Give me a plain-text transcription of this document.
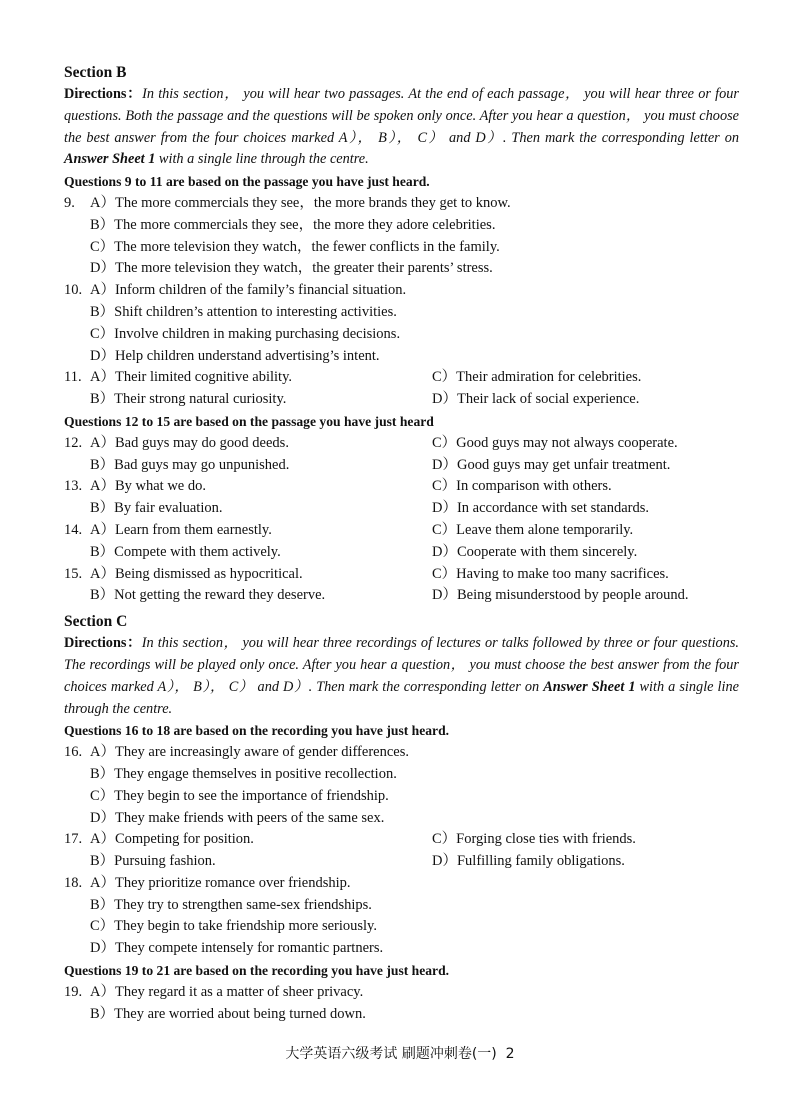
Section B
Directions：In this section， you will hear two passages. At the end of each passage， you will hear three or four questions. Both the passage and the questions will be spoken only once. After you hear a question， you must choose the best answer from the four choices marked A）， B）， C） and D）. Then mark the corresponding letter on Answer Sheet 1 with a single line through the centre.
Questions 9 to 11 are based on the passage you have just heard.
9.	A）The more commercials they see，the more brands they get to know.
B）The more commercials they see，the more they adore celebrities.
C）The more television they watch，the fewer conflicts in the family.
D）The more television they watch，the greater their parents’ stress.
10. A）Inform children of the family’s financial situation.
B）Shift children’s attention to interesting activities.
C）Involve children in making purchasing decisions.
D）Help children understand advertising’s intent.
11. A）Their limited cognitive ability.	C）Their admiration for celebrities.
B）Their strong natural curiosity.	D）Their lack of social experience.
Questions 12 to 15 are based on the passage you have just heard
12. A）Bad guys may do good deeds.	C）Good guys may not always cooperate.
B）Bad guys may go unpunished.	D）Good guys may get unfair treatment.
13. A）By what we do.	C）In comparison with others.
B）By fair evaluation.	D）In accordance with set standards.
14. A）Learn from them earnestly.	C）Leave them alone temporarily.
B）Compete with them actively.	D）Cooperate with them sincerely.
15. A）Being dismissed as hypocritical.	C）Having to make too many sacrifices.
B）Not getting the reward they deserve.	D）Being misunderstood by people around.
Section C
Directions：In this section， you will hear three recordings of lectures or talks followed by three or four questions. The recordings will be played only once. After you hear a question， you must choose the best answer from the four choices marked A）， B）， C） and D）. Then mark the corresponding letter on Answer Sheet 1 with a single line through the centre.
Questions 16 to 18 are based on the recording you have just heard.
16. A）They are increasingly aware of gender differences.
B）They engage themselves in positive recollection.
C）They begin to see the importance of friendship.
D）They make friends with peers of the same sex.
17. A）Competing for position.	C）Forging close ties with friends.
B）Pursuing fashion.	D）Fulfilling family obligations.
18. A）They prioritize romance over friendship.
B）They try to strengthen same-sex friendships.
C）They begin to take friendship more seriously.
D）They compete intensely for romantic partners.
Questions 19 to 21 are based on the recording you have just heard.
19. A）They regard it as a matter of sheer privacy.
B）They are worried about being turned down.
大学英语六级考试 刷题冲刺卷(一) 2
